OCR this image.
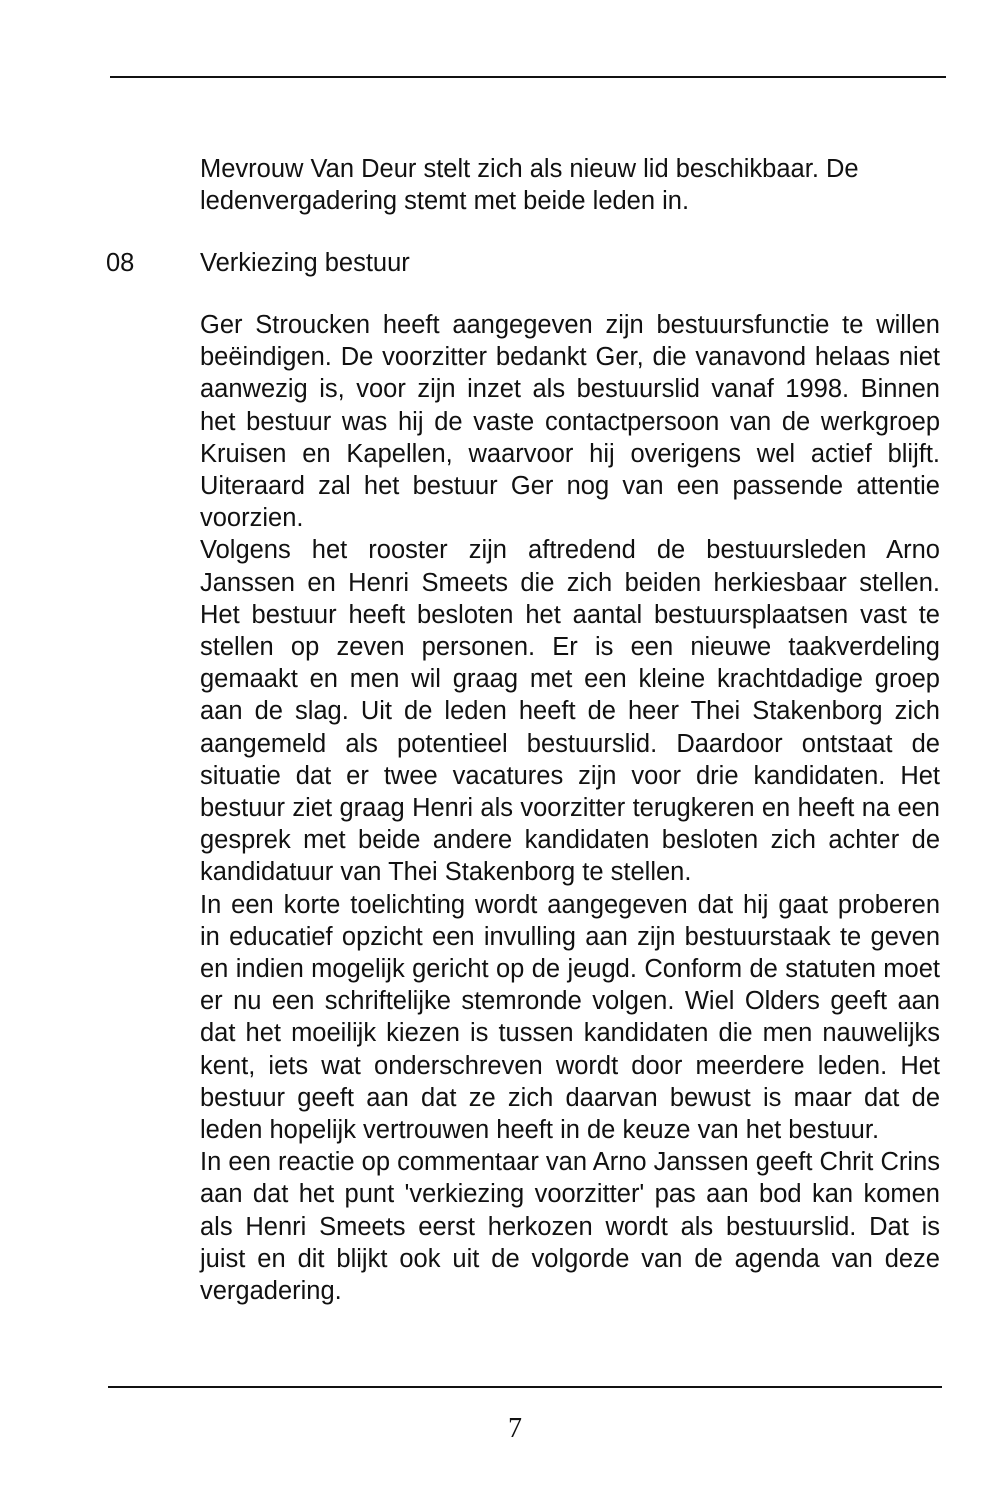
Mevrouw Van Deur stelt zich als nieuw lid beschikbaar. De
ledenvergadering stemt met beide leden in.
08	Verkiezing bestuur

Ger Stroucken heeft aangegeven zijn bestuursfunctie te willen beëindigen. De voorzitter bedankt Ger, die vanavond helaas niet aanwezig is, voor zijn inzet als bestuurslid vanaf 1998. Binnen het bestuur was hij de vaste contactpersoon van de werkgroep Kruisen en Kapellen, waarvoor hij overigens wel actief blijft. Uiteraard zal het bestuur Ger nog van een passende attentie voorzien.

Volgens het rooster zijn aftredend de bestuursleden Arno Janssen en Henri Smeets die zich beiden herkiesbaar stellen. Het bestuur heeft besloten het aantal bestuursplaatsen vast te stellen op zeven personen. Er is een nieuwe taakverdeling gemaakt en men wil graag met een kleine krachtdadige groep aan de slag. Uit de leden heeft de heer Thei Stakenborg zich aangemeld als potentieel bestuurslid. Daardoor ontstaat de situatie dat er twee vacatures zijn voor drie kandidaten. Het bestuur ziet graag Henri als voorzitter terugkeren en heeft na een gesprek met beide andere kandidaten besloten zich achter de kandidatuur van Thei Stakenborg te stellen.

In een korte toelichting wordt aangegeven dat hij gaat proberen in educatief opzicht een invulling aan zijn bestuurstaak te geven en indien mogelijk gericht op de jeugd. Conform de statuten moet er nu een schriftelijke stemronde volgen. Wiel Olders geeft aan dat het moeilijk kiezen is tussen kandidaten die men nauwelijks kent, iets wat onderschreven wordt door meerdere leden. Het bestuur geeft aan dat ze zich daarvan bewust is maar dat de leden hopelijk vertrouwen heeft in de keuze van het bestuur.

In een reactie op commentaar van Arno Janssen geeft Chrit Crins aan dat het punt 'verkiezing voorzitter' pas aan bod kan komen als Henri Smeets eerst herkozen wordt als bestuurslid. Dat is juist en dit blijkt ook uit de volgorde van de agenda van deze vergadering.

7
